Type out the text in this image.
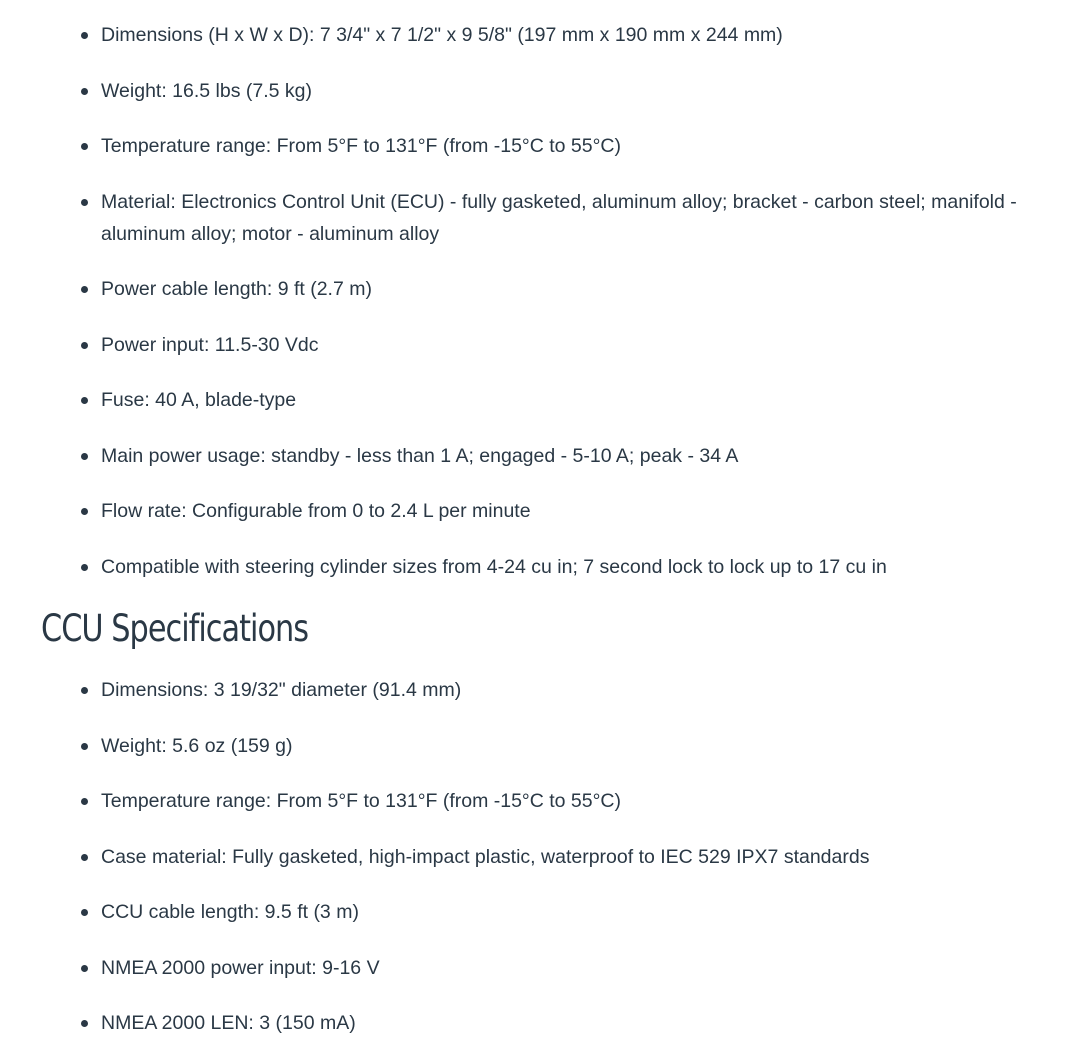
Dimensions (H x W x D): 7 3/4" x 7 1/2" x 9 5/8" (197 mm x 190 mm x 244 mm)
Weight: 16.5 lbs (7.5 kg)
Temperature range: From 5°F to 131°F (from -15°C to 55°C)
Material: Electronics Control Unit (ECU) - fully gasketed, aluminum alloy; bracket - carbon steel; manifold - aluminum alloy; motor - aluminum alloy
Power cable length: 9 ft (2.7 m)
Power input: 11.5-30 Vdc
Fuse: 40 A, blade-type
Main power usage: standby - less than 1 A; engaged - 5-10 A; peak - 34 A
Flow rate: Configurable from 0 to 2.4 L per minute
Compatible with steering cylinder sizes from 4-24 cu in; 7 second lock to lock up to 17 cu in
CCU Specifications
Dimensions: 3 19/32" diameter (91.4 mm)
Weight: 5.6 oz (159 g)
Temperature range: From 5°F to 131°F (from -15°C to 55°C)
Case material: Fully gasketed, high-impact plastic, waterproof to IEC 529 IPX7 standards
CCU cable length: 9.5 ft (3 m)
NMEA 2000 power input: 9-16 V
NMEA 2000 LEN: 3 (150 mA)
